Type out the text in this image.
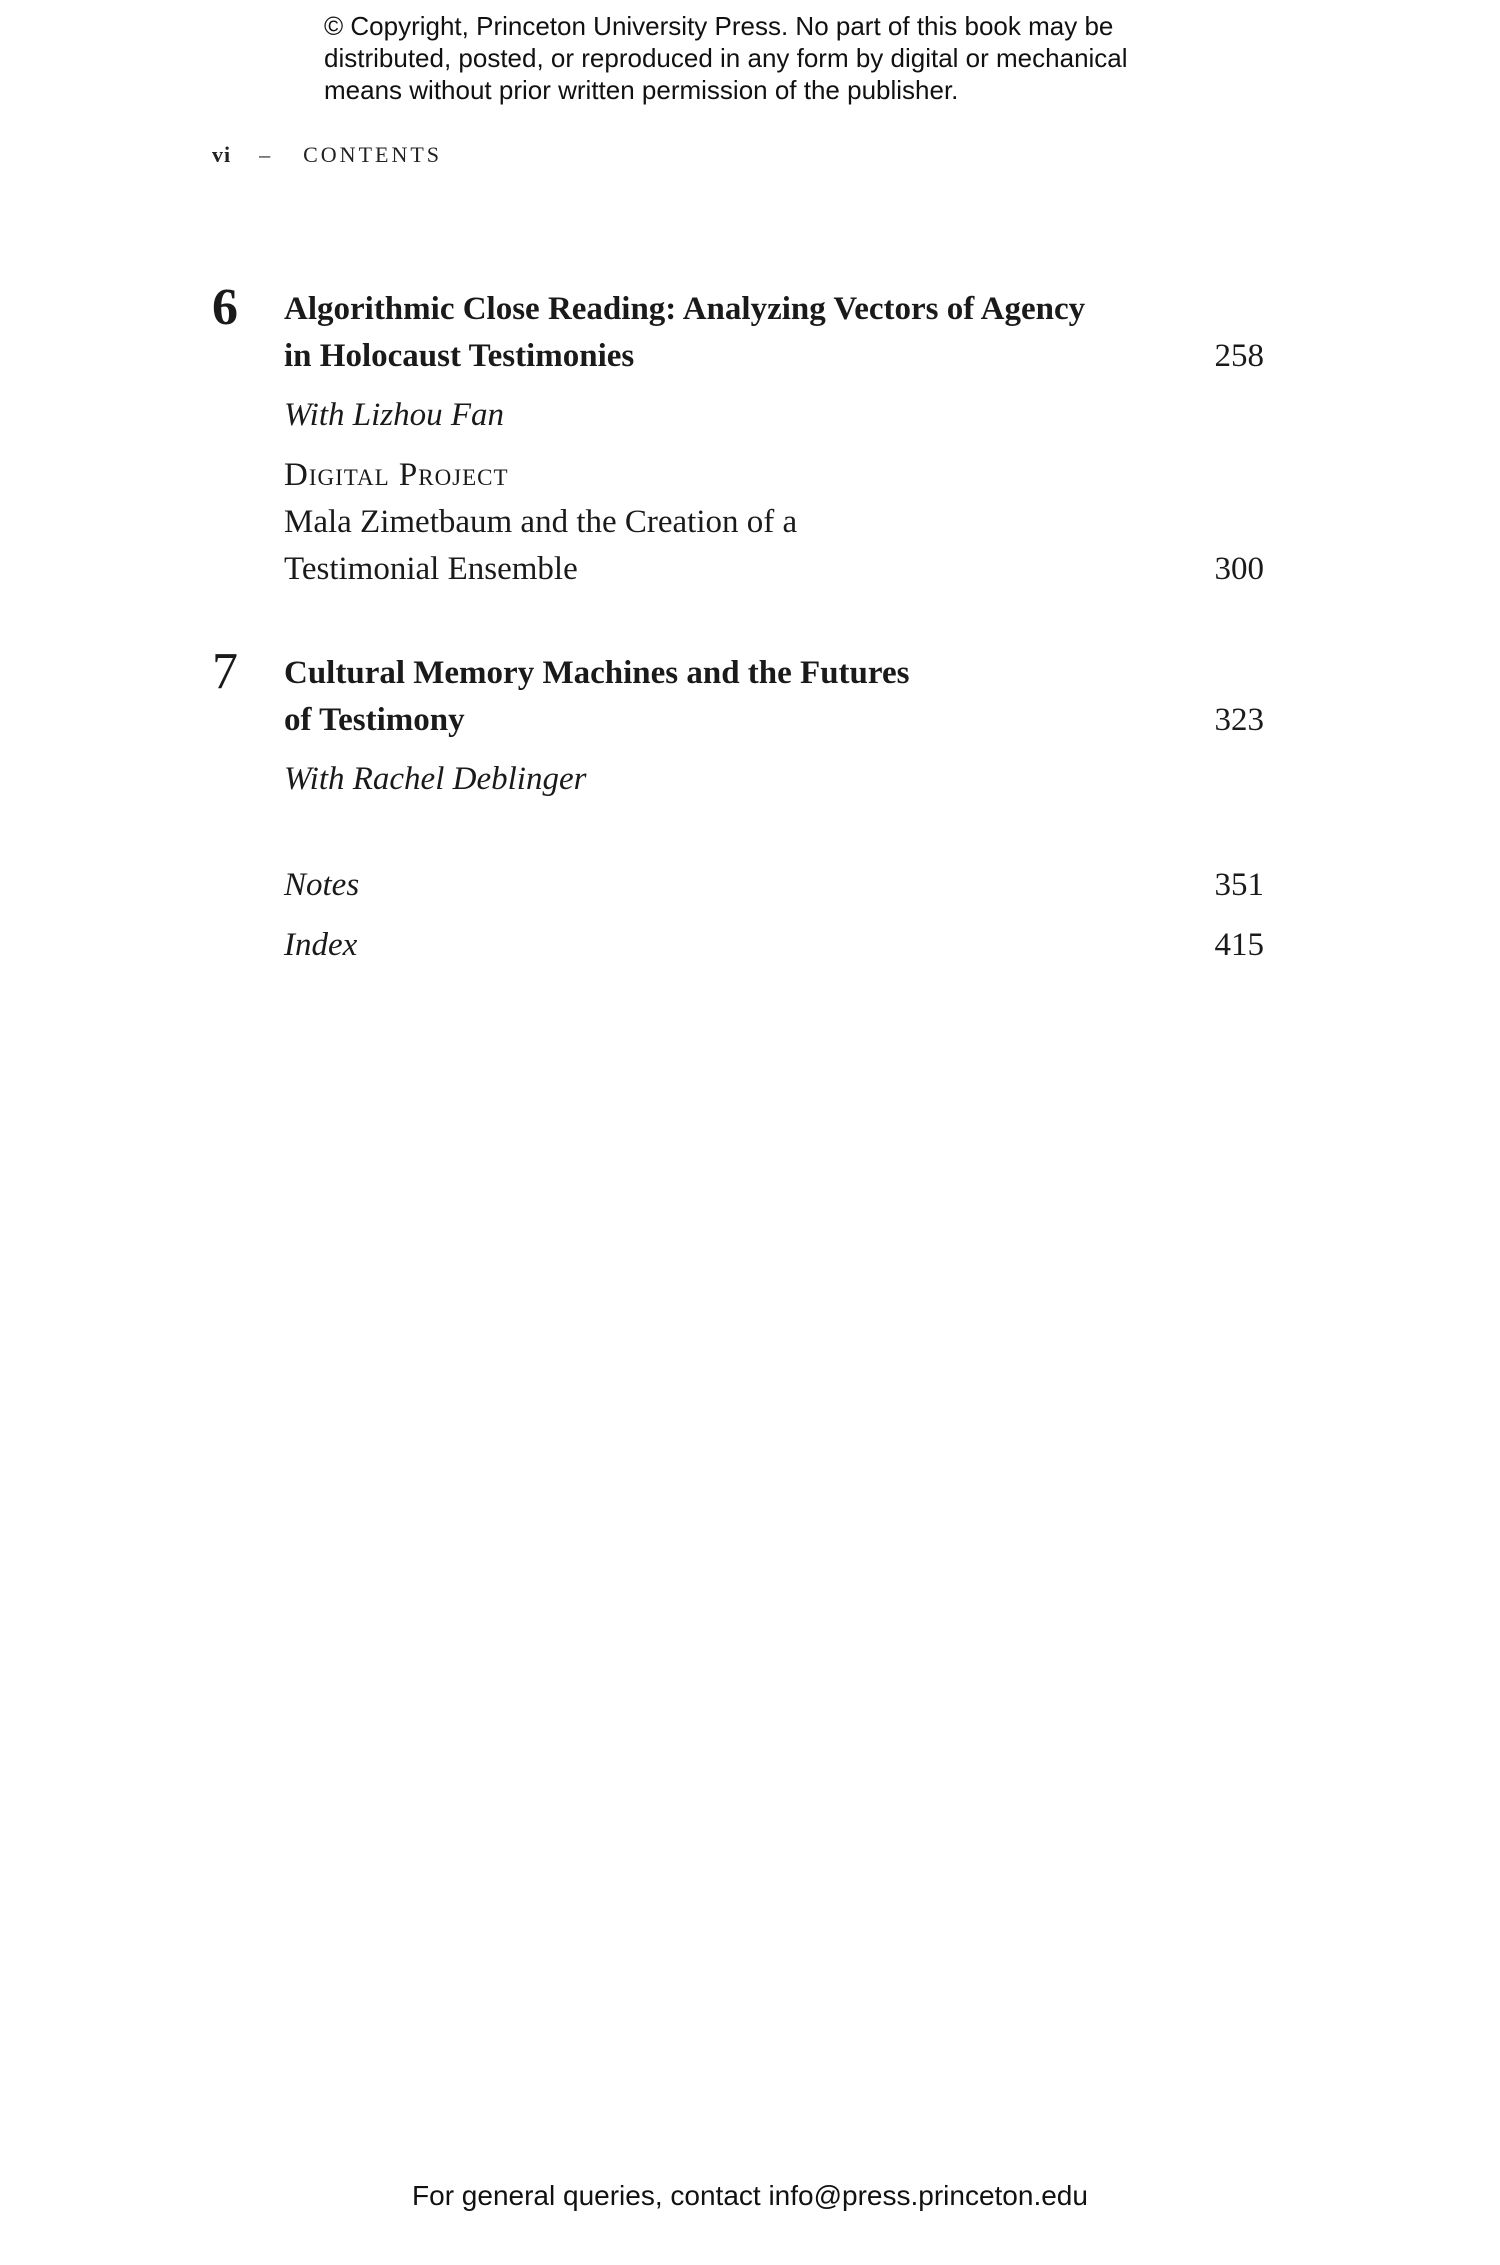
© Copyright, Princeton University Press. No part of this book may be
distributed, posted, or reproduced in any form by digital or mechanical
means without prior written permission of the publisher.
vi – CONTENTS
6 Algorithmic Close Reading: Analyzing Vectors of Agency
in Holocaust Testimonies	258
With Lizhou Fan
Digital Project
Mala Zimetbaum and the Creation of a
Testimonial Ensemble	300
7 Cultural Memory Machines and the Futures
of Testimony	323
With Rachel Deblinger
Notes	351
Index	415
For general queries, contact info@press.princeton.edu
